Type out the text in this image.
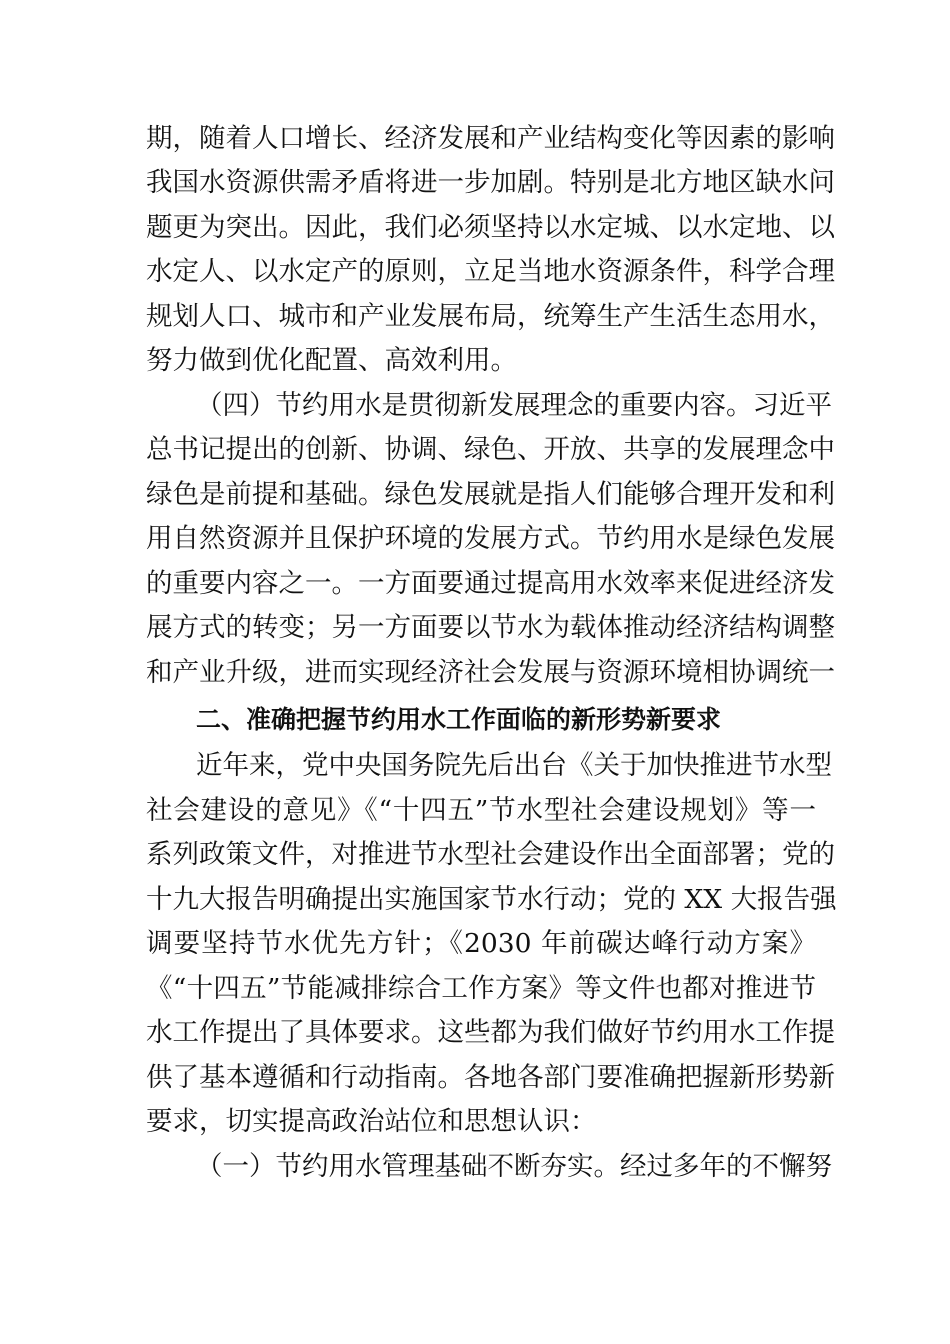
期，随着人口增长、经济发展和产业结构变化等因素的影响
我国水资源供需矛盾将进一步加剧。特别是北方地区缺水问
题更为突出。因此，我们必须坚持以水定城、以水定地、以
水定人、以水定产的原则，立足当地水资源条件，科学合理
规划人口、城市和产业发展布局，统筹生产生活生态用水，
努力做到优化配置、高效利用。
（四）节约用水是贯彻新发展理念的重要内容。习近平
总书记提出的创新、协调、绿色、开放、共享的发展理念中
绿色是前提和基础。绿色发展就是指人们能够合理开发和利
用自然资源并且保护环境的发展方式。节约用水是绿色发展
的重要内容之一。一方面要通过提高用水效率来促进经济发
展方式的转变；另一方面要以节水为载体推动经济结构调整
和产业升级，进而实现经济社会发展与资源环境相协调统一
二、准确把握节约用水工作面临的新形势新要求
近年来，党中央国务院先后出台《关于加快推进节水型
社会建设的意见》《“十四五”节水型社会建设规划》等一
系列政策文件，对推进节水型社会建设作出全面部署；党的
十九大报告明确提出实施国家节水行动；党的 XX 大报告强
调要坚持节水优先方针；《2030 年前碳达峰行动方案》
《“十四五”节能减排综合工作方案》等文件也都对推进节
水工作提出了具体要求。这些都为我们做好节约用水工作提
供了基本遵循和行动指南。各地各部门要准确把握新形势新
要求，切实提高政治站位和思想认识：
（一）节约用水管理基础不断夯实。经过多年的不懈努
